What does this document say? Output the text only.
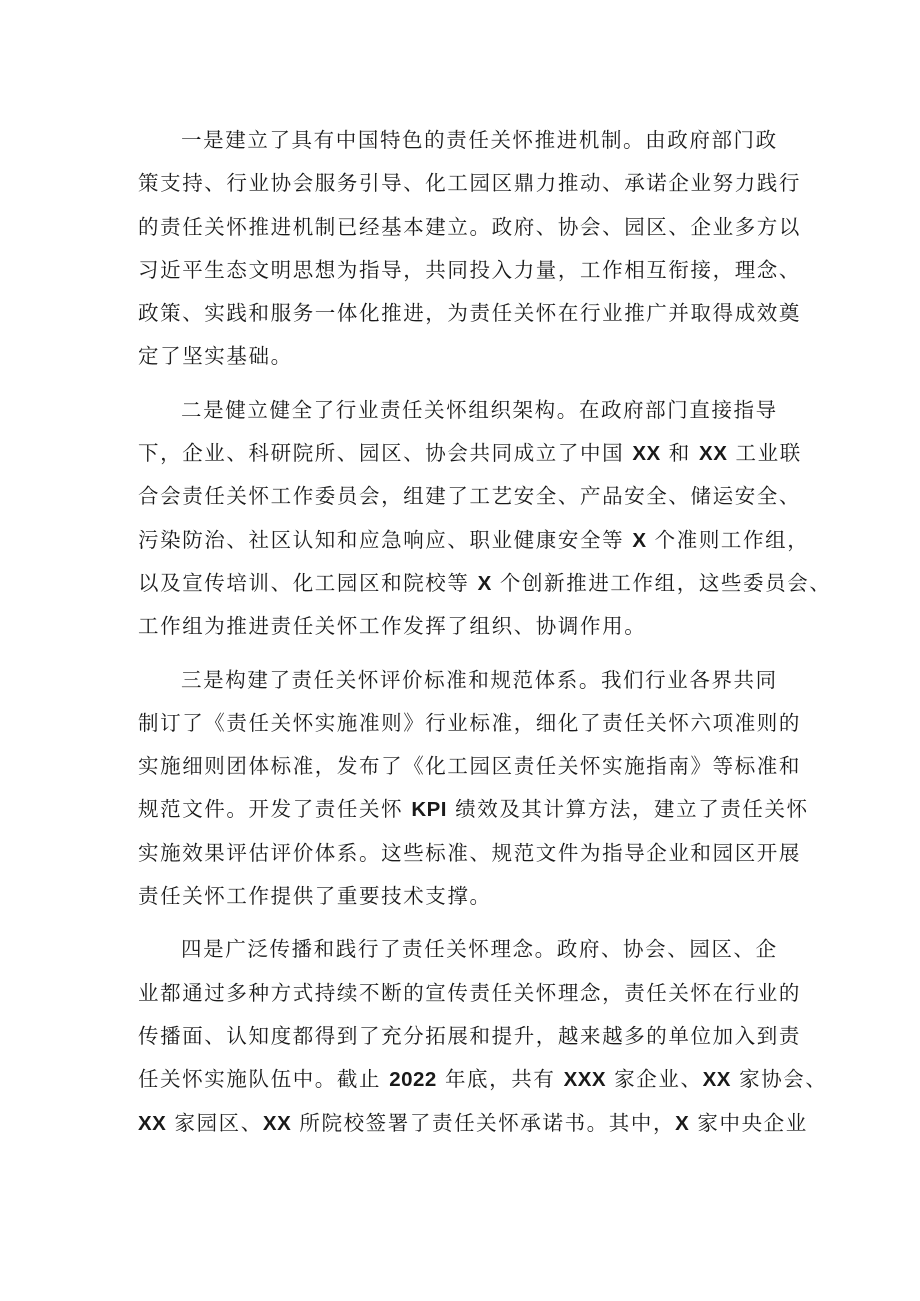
一是建立了具有中国特色的责任关怀推进机制。由政府部门政
策支持、行业协会服务引导、化工园区鼎力推动、承诺企业努力践行
的责任关怀推进机制已经基本建立。政府、协会、园区、企业多方以
习近平生态文明思想为指导，共同投入力量，工作相互衔接，理念、
政策、实践和服务一体化推进，为责任关怀在行业推广并取得成效奠
定了坚实基础。

二是健立健全了行业责任关怀组织架构。在政府部门直接指导
下，企业、科研院所、园区、协会共同成立了中国 XX 和 XX 工业联
合会责任关怀工作委员会，组建了工艺安全、产品安全、储运安全、
污染防治、社区认知和应急响应、职业健康安全等 X 个准则工作组，
以及宣传培训、化工园区和院校等 X 个创新推进工作组，这些委员会、
工作组为推进责任关怀工作发挥了组织、协调作用。

三是构建了责任关怀评价标准和规范体系。我们行业各界共同
制订了《责任关怀实施准则》行业标准，细化了责任关怀六项准则的
实施细则团体标准，发布了《化工园区责任关怀实施指南》等标准和
规范文件。开发了责任关怀 KPI 绩效及其计算方法，建立了责任关怀
实施效果评估评价体系。这些标准、规范文件为指导企业和园区开展
责任关怀工作提供了重要技术支撑。

四是广泛传播和践行了责任关怀理念。政府、协会、园区、企
业都通过多种方式持续不断的宣传责任关怀理念，责任关怀在行业的
传播面、认知度都得到了充分拓展和提升，越来越多的单位加入到责
任关怀实施队伍中。截止 2022 年底，共有 XXX 家企业、XX 家协会、
XX 家园区、XX 所院校签署了责任关怀承诺书。其中，X 家中央企业
